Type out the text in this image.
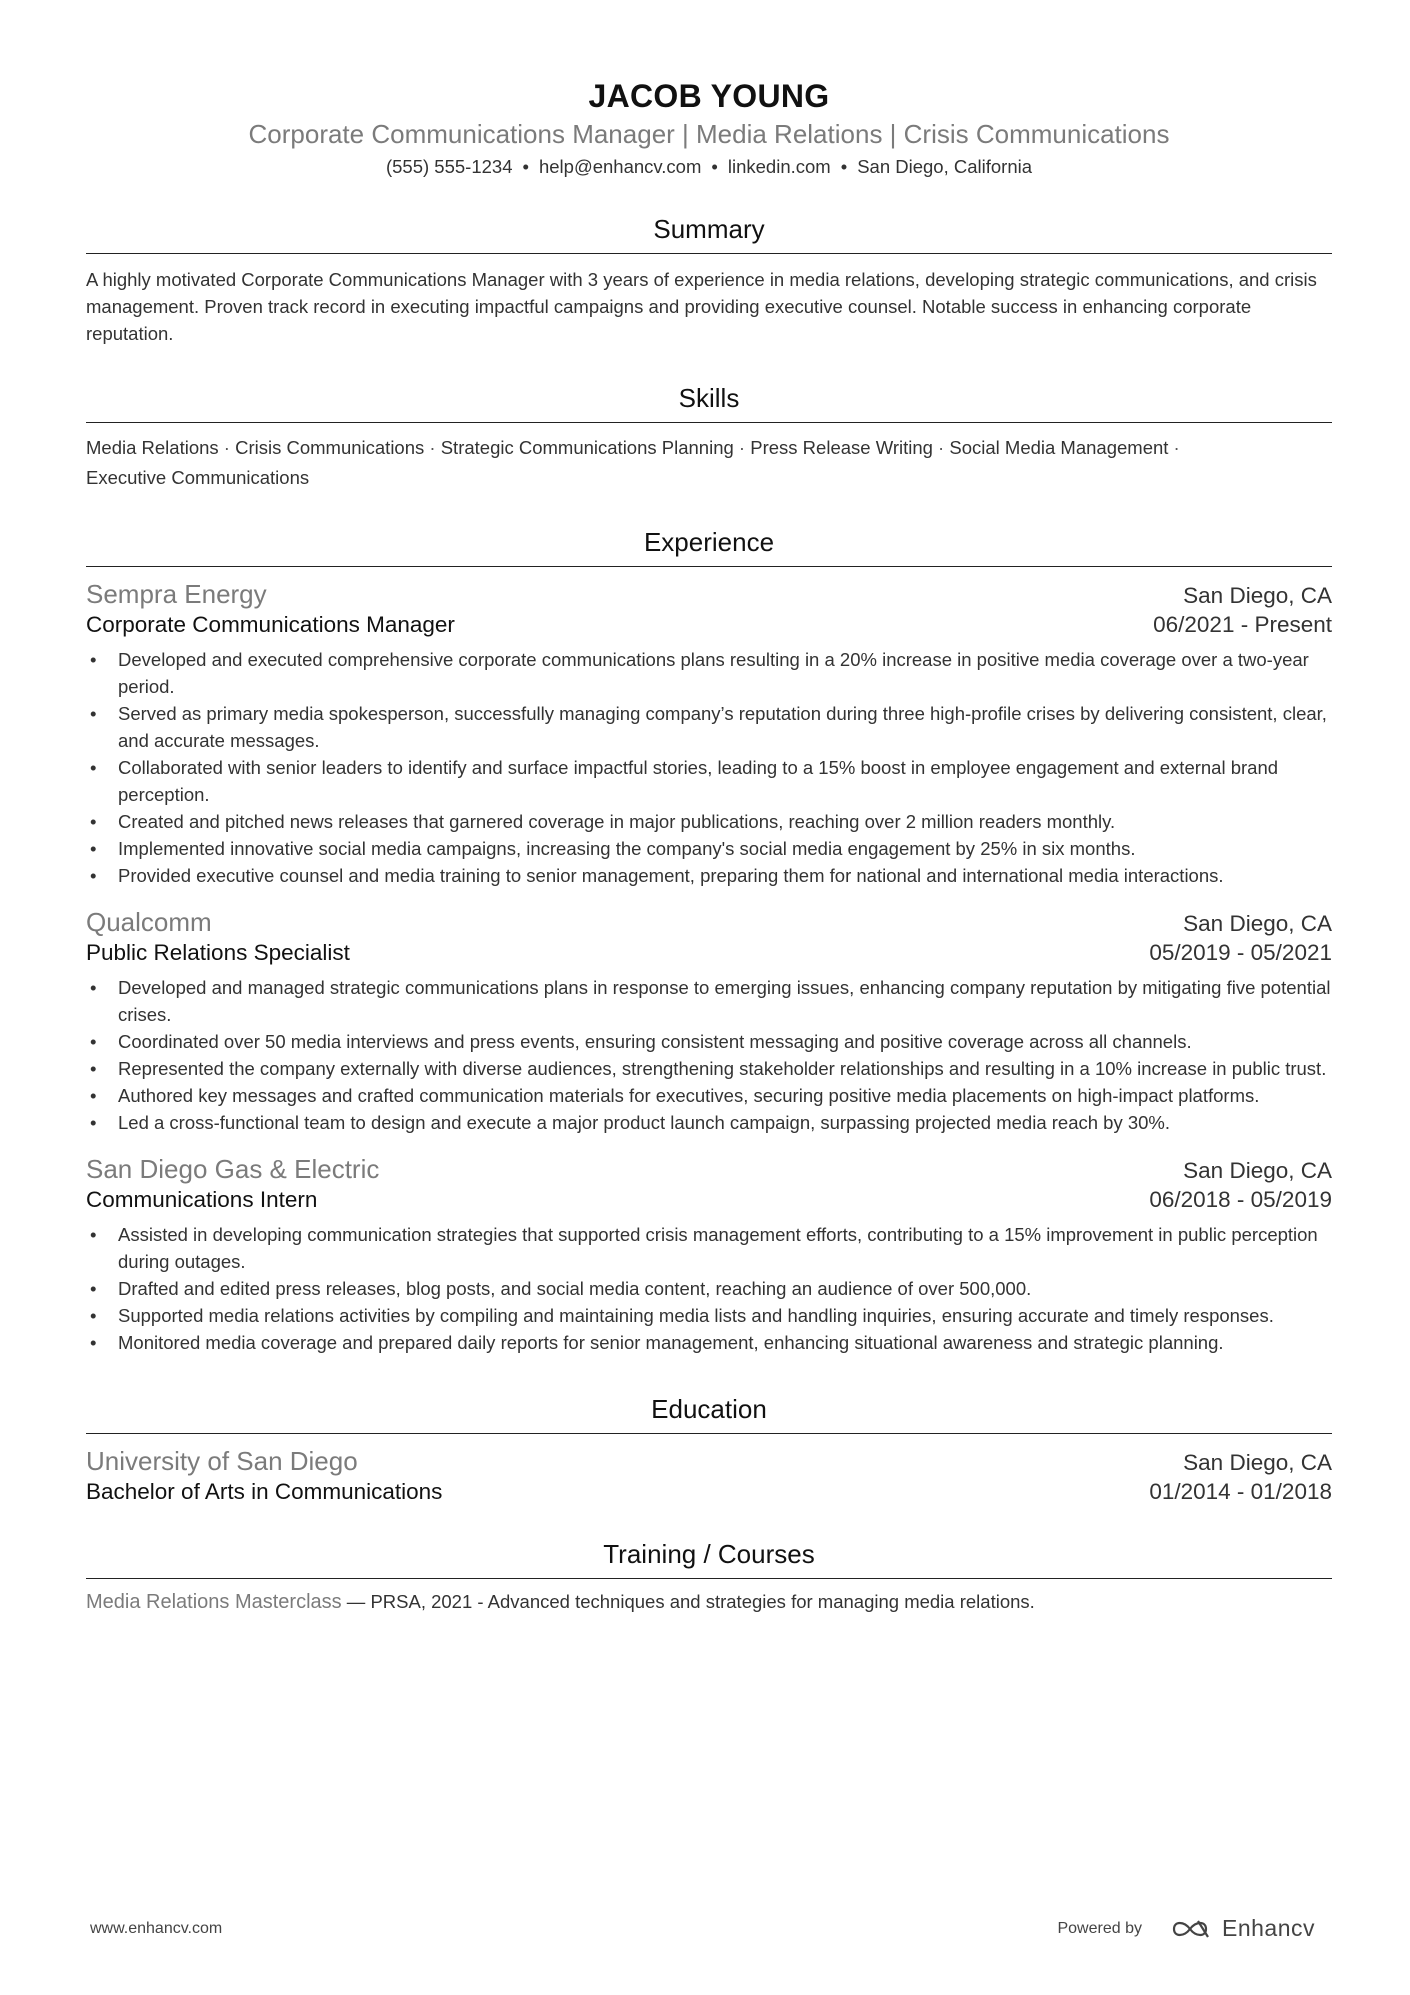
JACOB YOUNG
Corporate Communications Manager | Media Relations | Crisis Communications
(555) 555-1234 • help@enhancv.com • linkedin.com • San Diego, California
Summary
A highly motivated Corporate Communications Manager with 3 years of experience in media relations, developing strategic communications, and crisis management. Proven track record in executing impactful campaigns and providing executive counsel. Notable success in enhancing corporate reputation.
Skills
Media Relations · Crisis Communications · Strategic Communications Planning · Press Release Writing · Social Media Management ·
Executive Communications
Experience
Sempra Energy	San Diego, CA
Corporate Communications Manager	06/2021 - Present
• Developed and executed comprehensive corporate communications plans resulting in a 20% increase in positive media coverage over a two-year period.
• Served as primary media spokesperson, successfully managing company’s reputation during three high-profile crises by delivering consistent, clear, and accurate messages.
• Collaborated with senior leaders to identify and surface impactful stories, leading to a 15% boost in employee engagement and external brand perception.
• Created and pitched news releases that garnered coverage in major publications, reaching over 2 million readers monthly.
• Implemented innovative social media campaigns, increasing the company's social media engagement by 25% in six months.
• Provided executive counsel and media training to senior management, preparing them for national and international media interactions.
Qualcomm	San Diego, CA
Public Relations Specialist	05/2019 - 05/2021
• Developed and managed strategic communications plans in response to emerging issues, enhancing company reputation by mitigating five potential crises.
• Coordinated over 50 media interviews and press events, ensuring consistent messaging and positive coverage across all channels.
• Represented the company externally with diverse audiences, strengthening stakeholder relationships and resulting in a 10% increase in public trust.
• Authored key messages and crafted communication materials for executives, securing positive media placements on high-impact platforms.
• Led a cross-functional team to design and execute a major product launch campaign, surpassing projected media reach by 30%.
San Diego Gas & Electric	San Diego, CA
Communications Intern	06/2018 - 05/2019
• Assisted in developing communication strategies that supported crisis management efforts, contributing to a 15% improvement in public perception during outages.
• Drafted and edited press releases, blog posts, and social media content, reaching an audience of over 500,000.
• Supported media relations activities by compiling and maintaining media lists and handling inquiries, ensuring accurate and timely responses.
• Monitored media coverage and prepared daily reports for senior management, enhancing situational awareness and strategic planning.
Education
University of San Diego	San Diego, CA
Bachelor of Arts in Communications	01/2014 - 01/2018
Training / Courses
Media Relations Masterclass — PRSA, 2021 - Advanced techniques and strategies for managing media relations.
www.enhancv.com	Powered by	Enhancv
